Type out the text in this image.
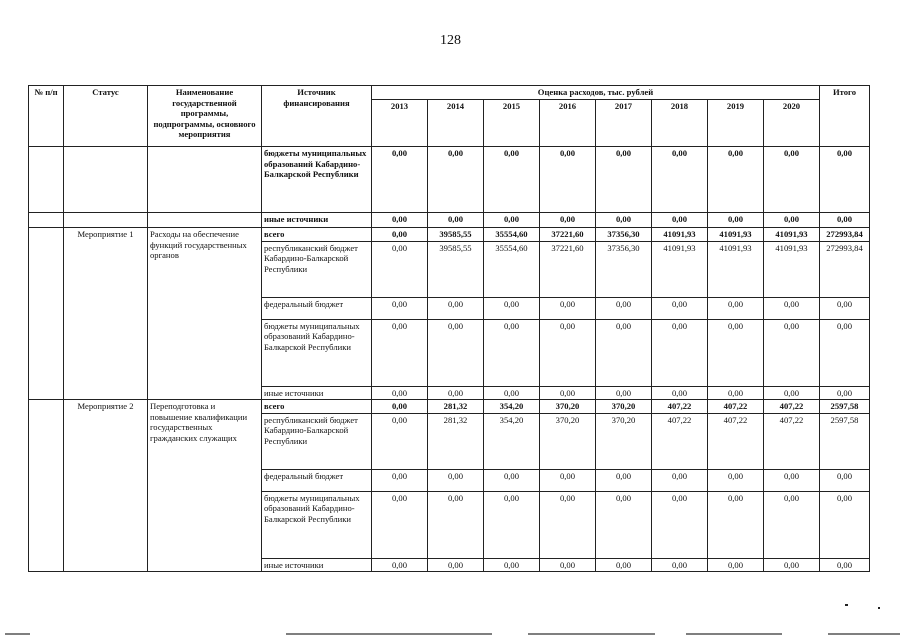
128
№ п/п	Статус	Наименование государственной программы, подпрограммы, основного мероприятия	Источник финансирования	Оценка расходов, тыс. рублей								Итого
				2013	2014	2015	2016	2017	2018	2019	2020	
			бюджеты муниципальных образований Кабардино-Балкарской Республики	0,00	0,00	0,00	0,00	0,00	0,00	0,00	0,00	0,00
			иные источники	0,00	0,00	0,00	0,00	0,00	0,00	0,00	0,00	0,00
	Мероприятие 1	Расходы на обеспечение функций государственных органов	всего	0,00	39585,55	35554,60	37221,60	37356,30	41091,93	41091,93	41091,93	272993,84
			республиканский бюджет Кабардино-Балкарской Республики	0,00	39585,55	35554,60	37221,60	37356,30	41091,93	41091,93	41091,93	272993,84
			федеральный бюджет	0,00	0,00	0,00	0,00	0,00	0,00	0,00	0,00	0,00
			бюджеты муниципальных образований Кабардино-Балкарской Республики	0,00	0,00	0,00	0,00	0,00	0,00	0,00	0,00	0,00
			иные источники	0,00	0,00	0,00	0,00	0,00	0,00	0,00	0,00	0,00
	Мероприятие 2	Переподготовка и повышение квалификации государственных гражданских служащих	всего	0,00	281,32	354,20	370,20	370,20	407,22	407,22	407,22	2597,58
			республиканский бюджет Кабардино-Балкарской Республики	0,00	281,32	354,20	370,20	370,20	407,22	407,22	407,22	2597,58
			федеральный бюджет	0,00	0,00	0,00	0,00	0,00	0,00	0,00	0,00	0,00
			бюджеты муниципальных образований Кабардино-Балкарской Республики	0,00	0,00	0,00	0,00	0,00	0,00	0,00	0,00	0,00
			иные источники	0,00	0,00	0,00	0,00	0,00	0,00	0,00	0,00	0,00
